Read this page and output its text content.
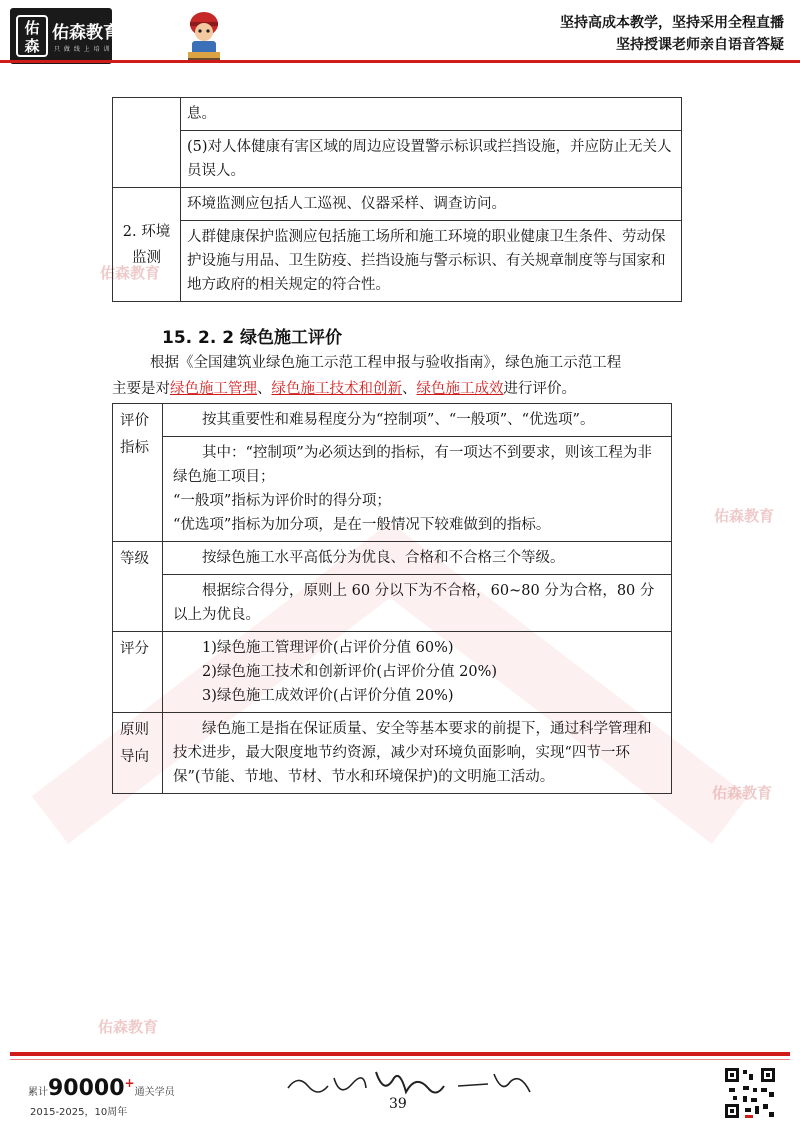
佑森
佑森教育
只 做 线 上 培 训
坚持高成本教学，坚持采用全程直播
坚持授课老师亲自语音答疑
佑森教育
佑森教育
佑森教育
佑森教育
	息。
	(5)对人体健康有害区域的周边应设置警示标识或拦挡设施，并应防止无关人员误人。
2. 环境监测	环境监测应包括人工巡视、仪器采样、调查访问。
	人群健康保护监测应包括施工场所和施工环境的职业健康卫生条件、劳动保护设施与用品、卫生防疫、拦挡设施与警示标识、有关规章制度等与国家和地方政府的相关规定的符合性。
15. 2. 2 绿色施工评价
根据《全国建筑业绿色施工示范工程申报与验收指南》，绿色施工示范工程
主要是对绿色施工管理、绿色施工技术和创新、绿色施工成效进行评价。
评价
指标	按其重要性和难易程度分为“控制项”、“一般项”、“优选项”。

	其中：“控制项”为必须达到的指标，有一项达不到要求，则该工程为非绿色施工项目；
“一般项”指标为评价时的得分项；
“优选项”指标为加分项，是在一般情况下较难做到的指标。

等级	按绿色施工水平高低分为优良、合格和不合格三个等级。

	根据综合得分，原则上 60 分以下为不合格，60~80 分为合格，80 分以上为优良。

评分	1)绿色施工管理评价(占评价分值 60%)
2)绿色施工技术和创新评价(占评价分值 20%)
3)绿色施工成效评价(占评价分值 20%)

原则
导向	绿色施工是指在保证质量、安全等基本要求的前提下，通过科学管理和技术进步，最大限度地节约资源，减少对环境负面影响，实现“四节一环保”(节能、节地、节材、节水和环境保护)的文明施工活动。
累计90000+通关学员
2015-2025，10周年
39
